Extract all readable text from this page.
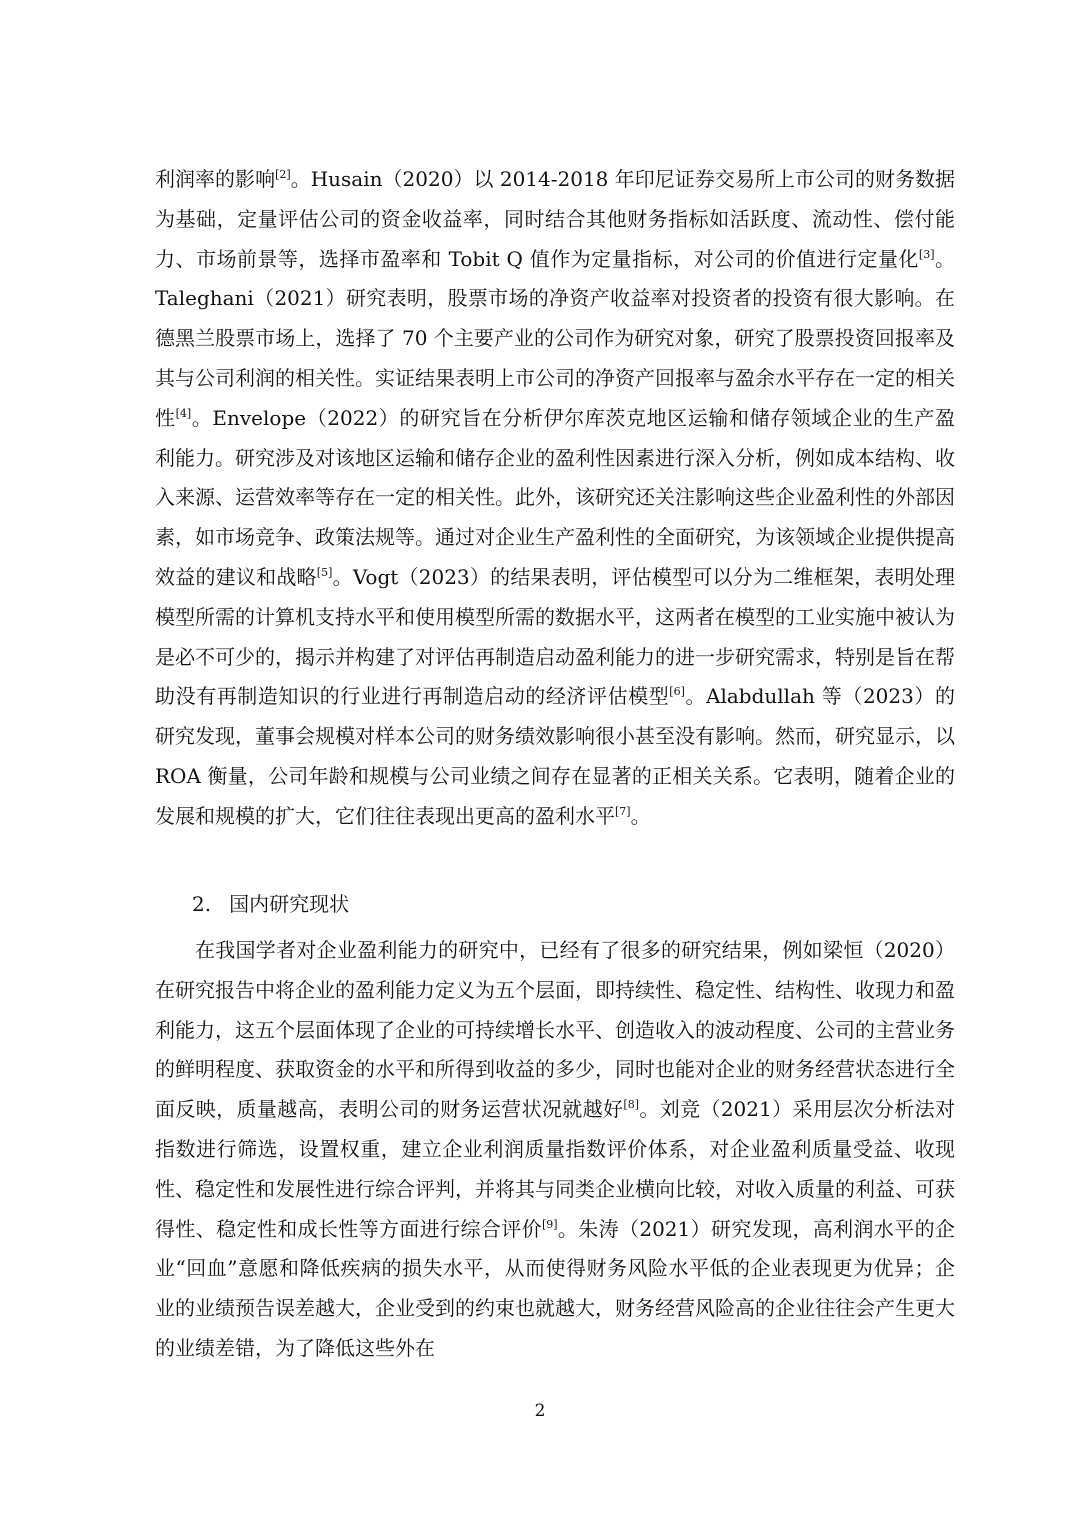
利润率的影响[2]。Husain（2020）以 2014-2018 年印尼证券交易所上市公司的财务数据为基础，定量评估公司的资金收益率，同时结合其他财务指标如活跃度、流动性、偿付能力、市场前景等，选择市盈率和 Tobit Q 值作为定量指标，对公司的价值进行定量化[3]。Taleghani（2021）研究表明，股票市场的净资产收益率对投资者的投资有很大影响。在德黑兰股票市场上，选择了 70 个主要产业的公司作为研究对象，研究了股票投资回报率及其与公司利润的相关性。实证结果表明上市公司的净资产回报率与盈余水平存在一定的相关性[4]。Envelope（2022）的研究旨在分析伊尔库茨克地区运输和储存领域企业的生产盈利能力。研究涉及对该地区运输和储存企业的盈利性因素进行深入分析，例如成本结构、收入来源、运营效率等存在一定的相关性。此外，该研究还关注影响这些企业盈利性的外部因素，如市场竞争、政策法规等。通过对企业生产盈利性的全面研究，为该领域企业提供提高效益的建议和战略[5]。Vogt（2023）的结果表明，评估模型可以分为二维框架，表明处理模型所需的计算机支持水平和使用模型所需的数据水平，这两者在模型的工业实施中被认为是必不可少的，揭示并构建了对评估再制造启动盈利能力的进一步研究需求，特别是旨在帮助没有再制造知识的行业进行再制造启动的经济评估模型[6]。Alabdullah 等（2023）的研究发现，董事会规模对样本公司的财务绩效影响很小甚至没有影响。然而，研究显示，以 ROA 衡量，公司年龄和规模与公司业绩之间存在显著的正相关关系。它表明，随着企业的发展和规模的扩大，它们往往表现出更高的盈利水平[7]。

2. 国内研究现状

在我国学者对企业盈利能力的研究中，已经有了很多的研究结果，例如梁恒（2020）在研究报告中将企业的盈利能力定义为五个层面，即持续性、稳定性、结构性、收现力和盈利能力，这五个层面体现了企业的可持续增长水平、创造收入的波动程度、公司的主营业务的鲜明程度、获取资金的水平和所得到收益的多少，同时也能对企业的财务经营状态进行全面反映，质量越高，表明公司的财务运营状况就越好[8]。刘竞（2021）采用层次分析法对指数进行筛选，设置权重，建立企业利润质量指数评价体系，对企业盈利质量受益、收现性、稳定性和发展性进行综合评判，并将其与同类企业横向比较，对收入质量的利益、可获得性、稳定性和成长性等方面进行综合评价[9]。朱涛（2021）研究发现，高利润水平的企业“回血”意愿和降低疾病的损失水平，从而使得财务风险水平低的企业表现更为优异；企业的业绩预告误差越大，企业受到的约束也就越大，财务经营风险高的企业往往会产生更大的业绩差错，为了降低这些外在

2
